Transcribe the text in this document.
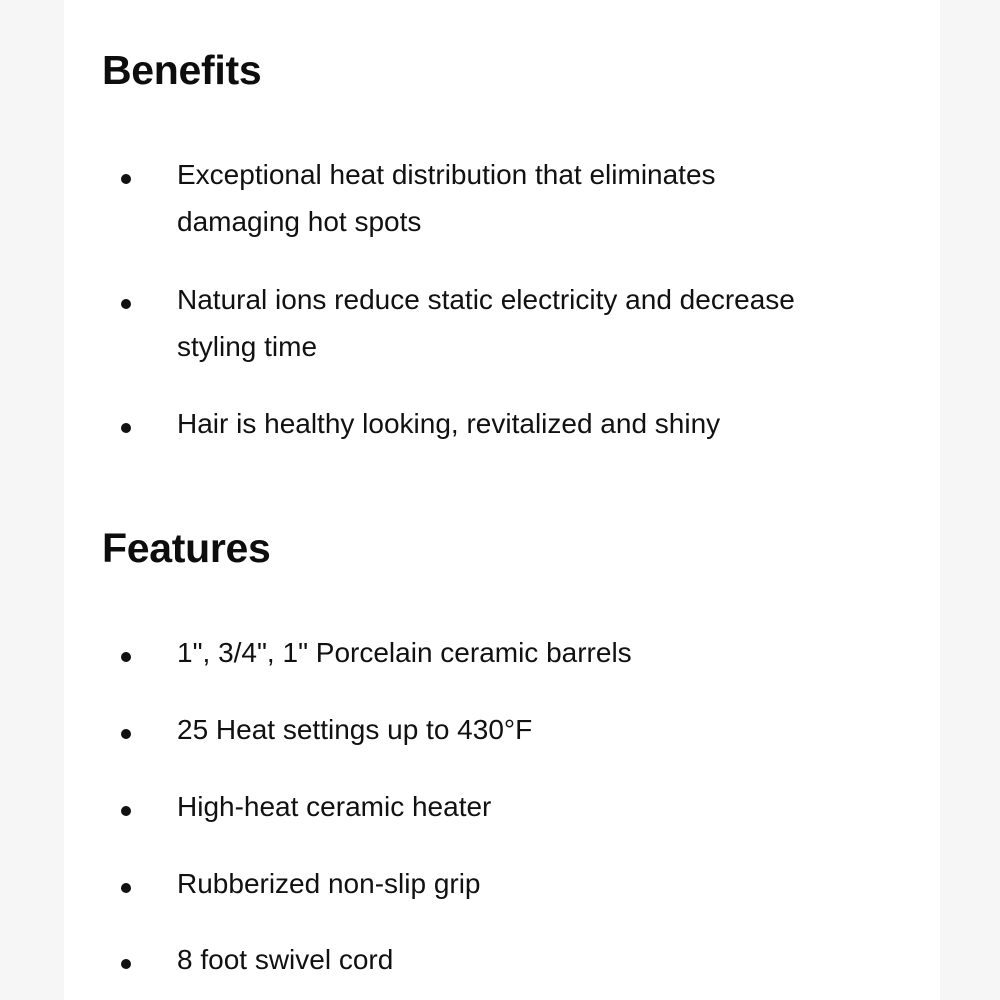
Benefits
Exceptional heat distribution that eliminates damaging hot spots
Natural ions reduce static electricity and decrease styling time
Hair is healthy looking, revitalized and shiny
Features
1", 3/4", 1" Porcelain ceramic barrels
25 Heat settings up to 430°F
High-heat ceramic heater
Rubberized non-slip grip
8 foot swivel cord
